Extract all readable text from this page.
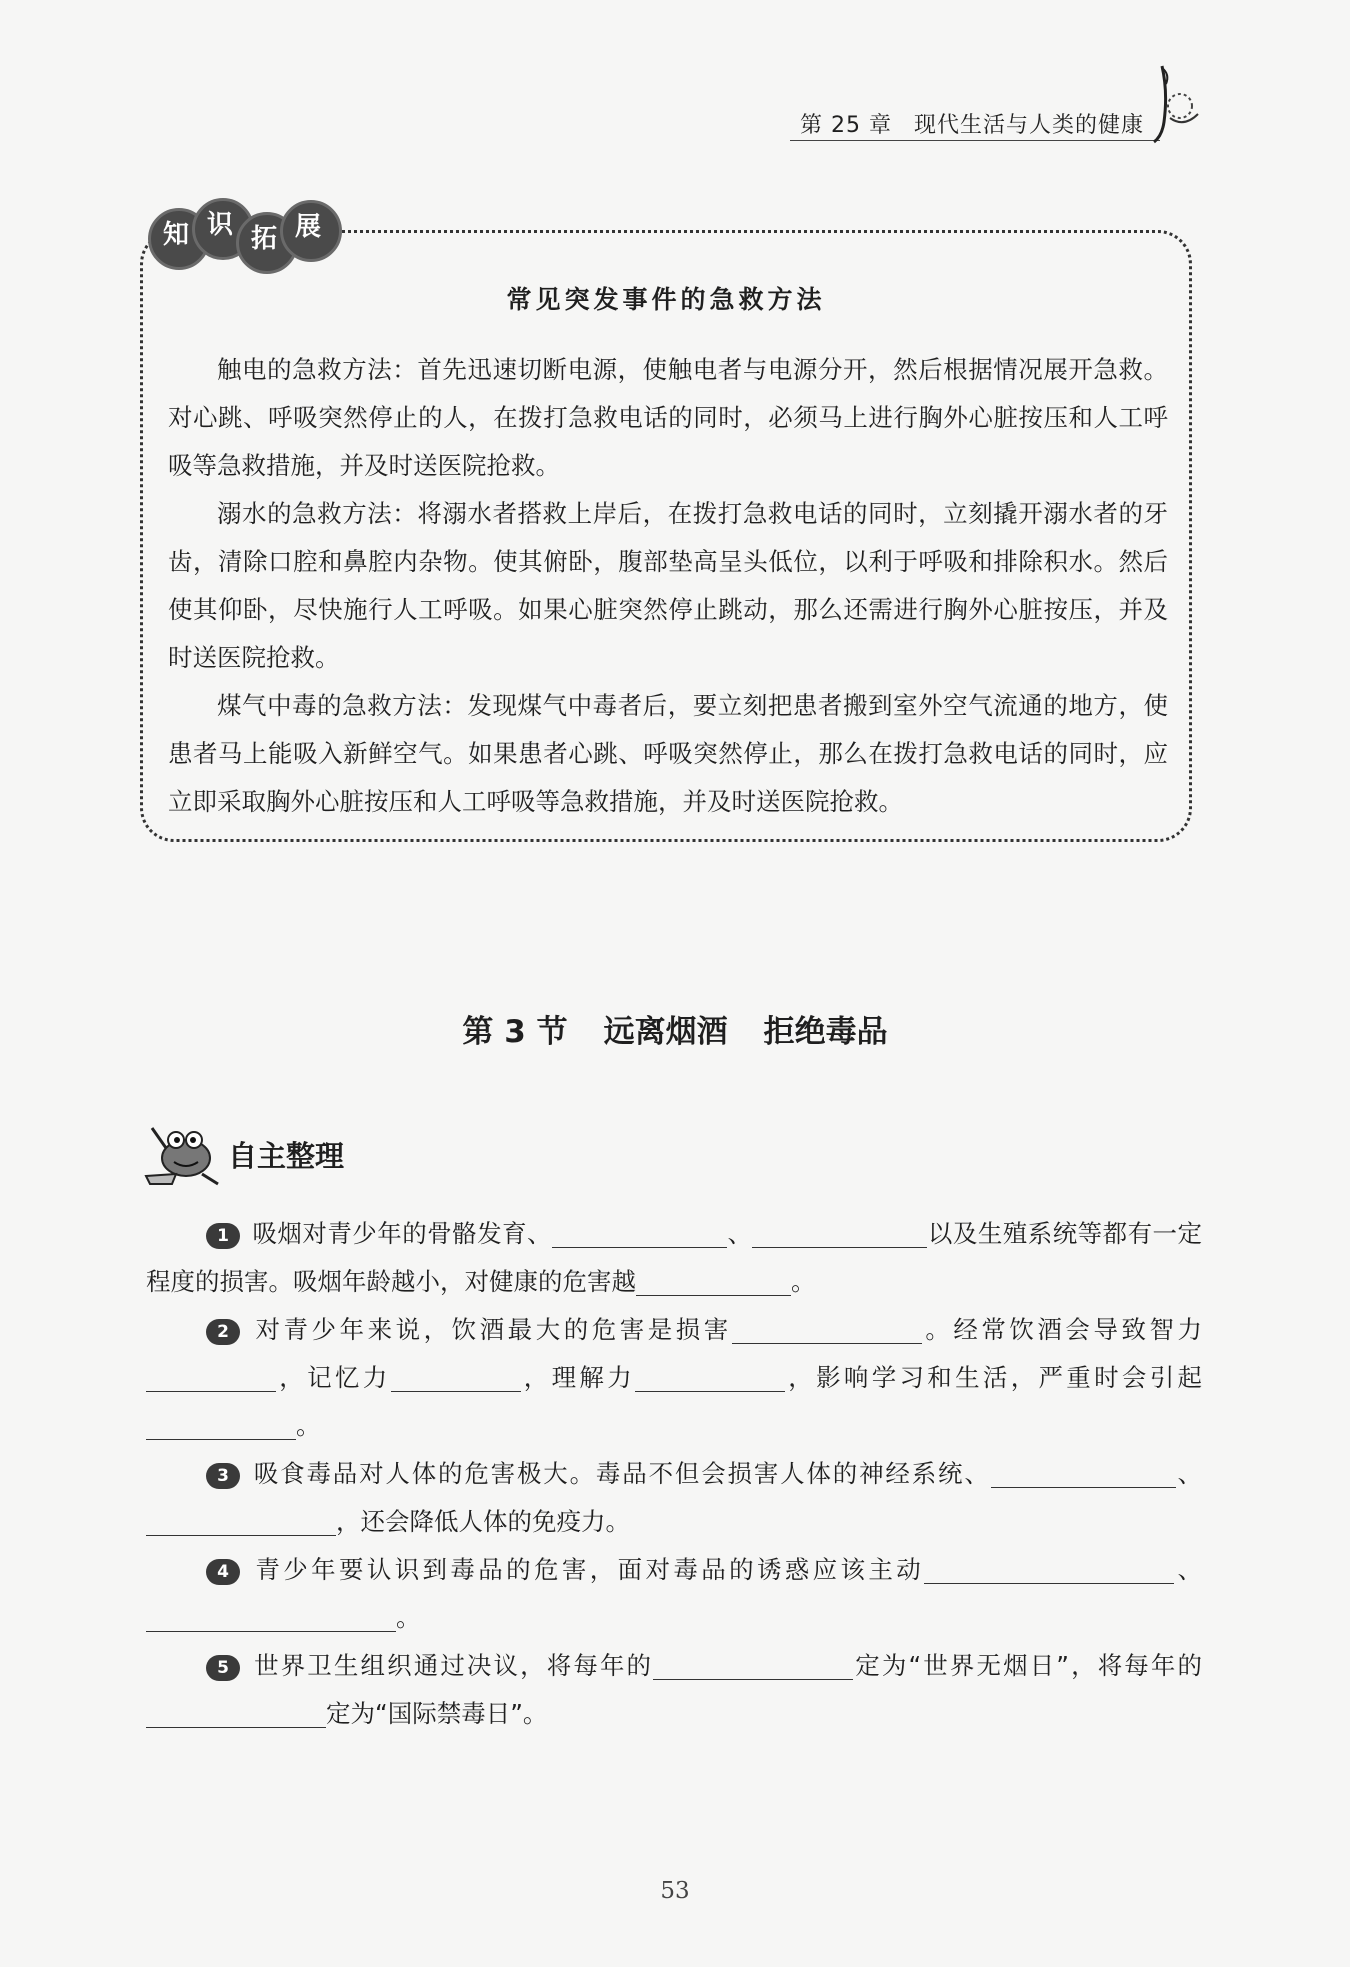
第 25 章 现代生活与人类的健康
知 识 拓 展
常见突发事件的急救方法

触电的急救方法：首先迅速切断电源，使触电者与电源分开，然后根据情况展开急救。对心跳、呼吸突然停止的人，在拨打急救电话的同时，必须马上进行胸外心脏按压和人工呼吸等急救措施，并及时送医院抢救。

溺水的急救方法：将溺水者搭救上岸后，在拨打急救电话的同时，立刻撬开溺水者的牙齿，清除口腔和鼻腔内杂物。使其俯卧，腹部垫高呈头低位，以利于呼吸和排除积水。然后使其仰卧，尽快施行人工呼吸。如果心脏突然停止跳动，那么还需进行胸外心脏按压，并及时送医院抢救。

煤气中毒的急救方法：发现煤气中毒者后，要立刻把患者搬到室外空气流通的地方，使患者马上能吸入新鲜空气。如果患者心跳、呼吸突然停止，那么在拨打急救电话的同时，应立即采取胸外心脏按压和人工呼吸等急救措施，并及时送医院抢救。

第 3 节 远离烟酒 拒绝毒品
自主整理

1 吸烟对青少年的骨骼发育、	、	以及生殖系统等都有一定程度的损害。吸烟年龄越小，对健康的危害越	。

2 对青少年来说，饮酒最大的危害是损害	。经常饮酒会导致智力，记忆力	，理解力	，影响学习和生活，严重时会引起。

3 吸食毒品对人体的危害极大。毒品不但会损害人体的神经系统、	、，还会降低人体的免疫力。

4 青少年要认识到毒品的危害，面对毒品的诱惑应该主动	、。

5 世界卫生组织通过决议，将每年的	定为“世界无烟日”，将每年的定为“国际禁毒日”。

53
